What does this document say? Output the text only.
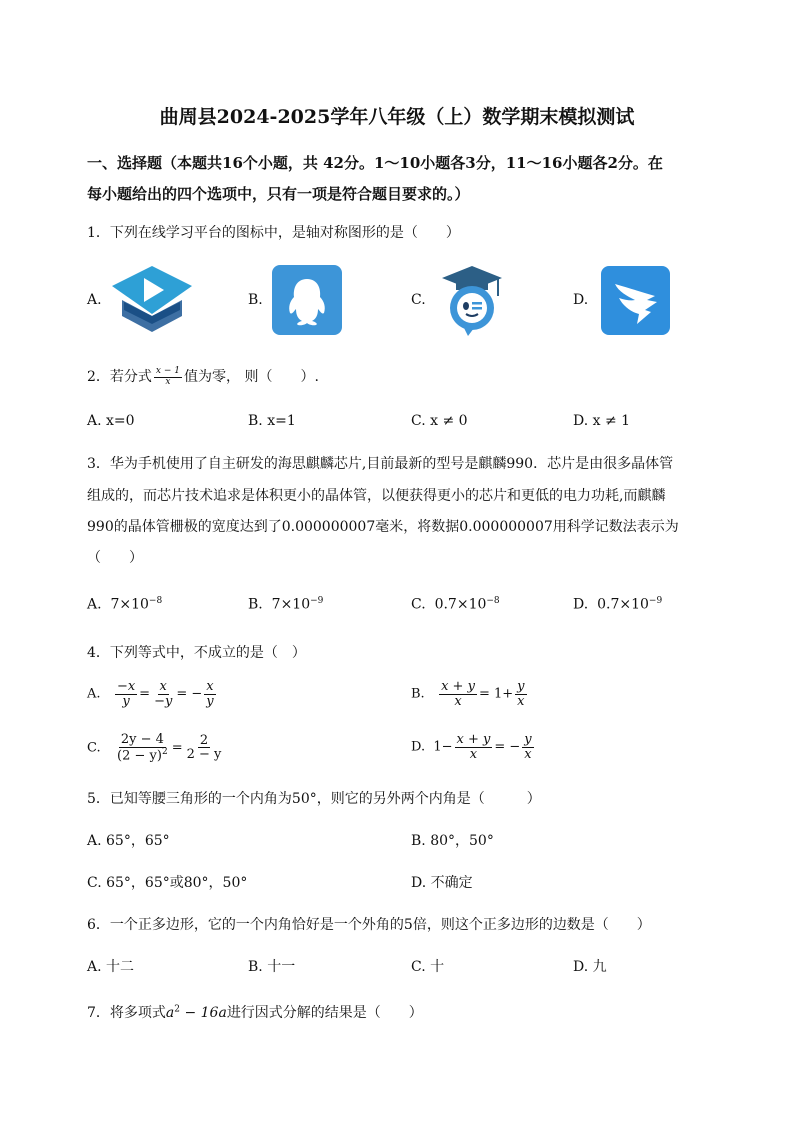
曲周县2024-2025学年八年级（上）数学期末模拟测试
一、选择题（本题共16个小题，共 42分。1～10小题各3分，11～16小题各2分。在
每小题给出的四个选项中，只有一项是符合题目要求的。）
1．下列在线学习平台的图标中，是轴对称图形的是（　　）
A.	B.	C.	D.
2．若分式 $\frac{x - 1}{x}$ 值为零， 则（　　）.
A. x=0	B. x=1	C. x ≠ 0	D. x ≠ 1
3．华为手机使用了自主研发的海思麒麟芯片,目前最新的型号是麒麟990．芯片是由很多晶体管
组成的，而芯片技术追求是体积更小的晶体管，以便获得更小的芯片和更低的电力功耗,而麒麟
990的晶体管栅极的宽度达到了0.000000007毫米，将数据0.000000007用科学记数法表示为
（　　）
A. $7\times 10^{-8}$	B. $7\times 10^{-9}$	C. $0.7\times 10^{-8}$	D. $0.7\times 10^{-9}$
4．下列等式中，不成立的是（　）
A. $\frac{-x}{y} = \frac{x}{-y}$ = − $\frac{x}{y}$	B. $\frac{x + y}{x} = 1+ \frac{y}{x}$
C. $\frac{2y - 4}{(2 - y)^2} = \frac{2}{2 - y}$	D. $1- \frac{x + y}{x}$ = − $\frac{y}{x}$
5．已知等腰三角形的一个内角为50°，则它的另外两个内角是（　　　）
A. 65°，65°	B. 80°，50°
C. 65°，65°或80°，50°	D. 不确定
6．一个正多边形，它的一个内角恰好是一个外角的5倍，则这个正多边形的边数是（　　）
A. 十二	B. 十一	C. 十	D. 九
7．将多项式$a^2 - 16a$进行因式分解的结果是（　　）
